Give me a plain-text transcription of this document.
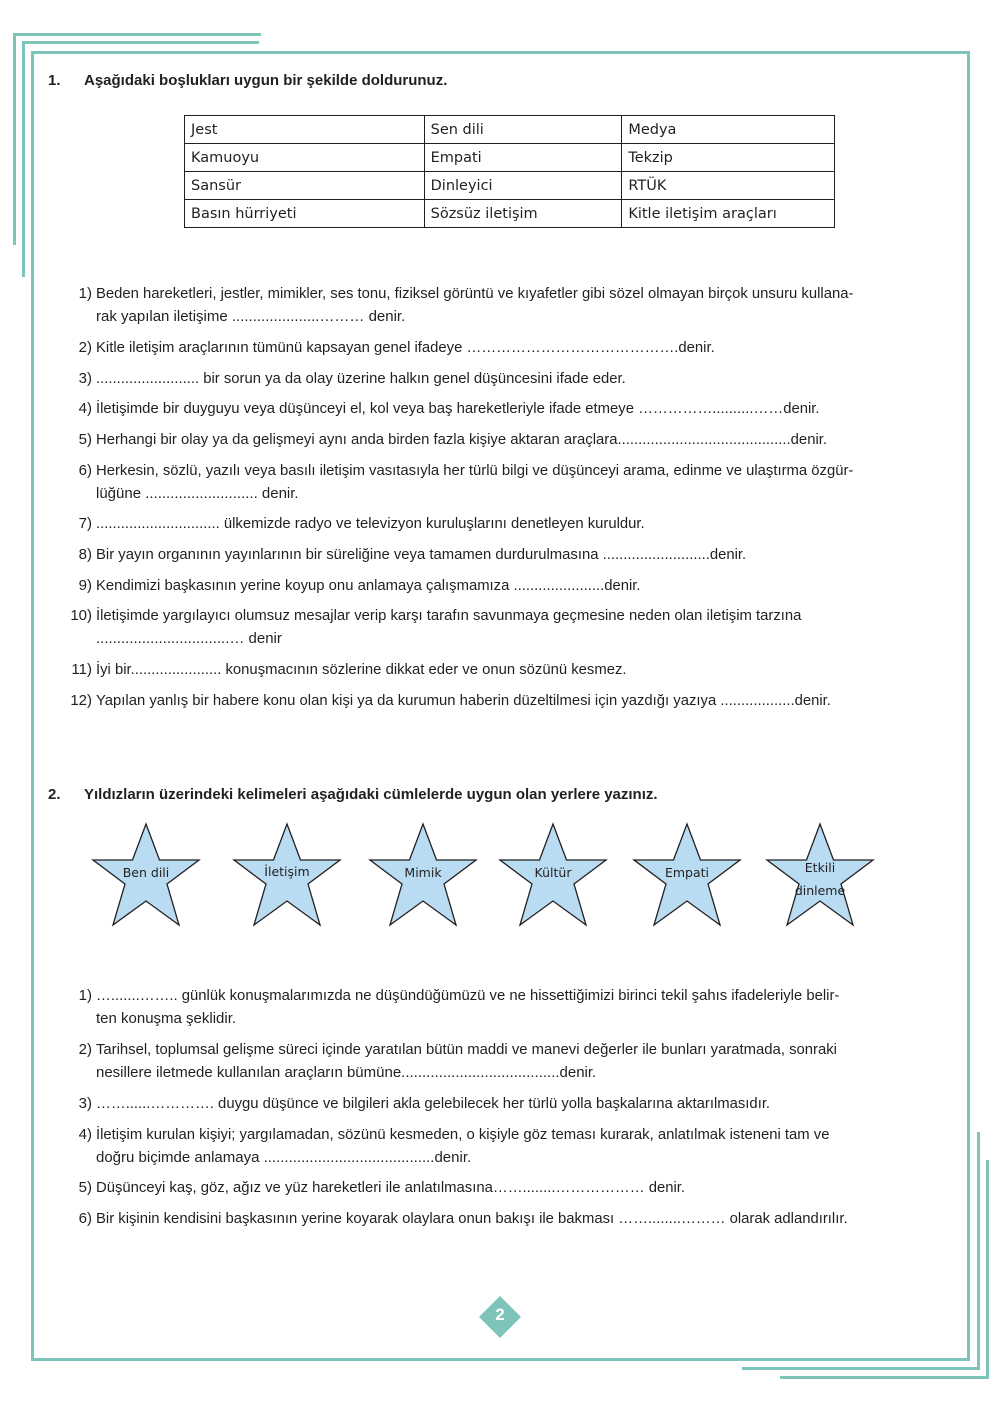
1. Aşağıdaki boşlukları uygun bir şekilde doldurunuz.
Jest	Sen dili	Medya
Kamuoyu	Empati	Tekzip
Sansür	Dinleyici	RTÜK
Basın hürriyeti	Sözsüz iletişim	Kitle iletişim araçları
1) Beden hareketleri, jestler, mimikler, ses tonu, fiziksel görüntü ve kıyafetler gibi sözel olmayan birçok unsuru kullana-
rak yapılan iletişime .....................……… denir.
2) Kitle iletişim araçlarının tümünü kapsayan genel ifadeye …………………………………….denir.
3) ......................... bir sorun ya da olay üzerine halkın genel düşüncesini ifade eder.
4) İletişimde bir duyguyu veya düşünceyi el, kol veya baş hareketleriyle ifade etmeye ……………..........……denir.
5) Herhangi bir olay ya da gelişmeyi aynı anda birden fazla kişiye aktaran araçlara..........................................denir.
6) Herkesin, sözlü, yazılı veya basılı iletişim vasıtasıyla her türlü bilgi ve düşünceyi arama, edinme ve ulaştırma özgür-
lüğüne ........................... denir.
7) .............................. ülkemizde radyo ve televizyon kuruluşlarını denetleyen kuruldur.
8) Bir yayın organının yayınlarının bir süreliğine veya tamamen durdurulmasına ..........................denir.
9) Kendimizi başkasının yerine koyup onu anlamaya çalışmamıza ......................denir.
10) İletişimde yargılayıcı olumsuz mesajlar verip karşı tarafın savunmaya geçmesine neden olan iletişim tarzına
................................… denir
11) İyi bir...................... konuşmacının sözlerine dikkat eder ve onun sözünü kesmez.
12) Yapılan yanlış bir habere konu olan kişi ya da kurumun haberin düzeltilmesi için yazdığı yazıya ..................denir.
2. Yıldızların üzerindeki kelimeleri aşağıdaki cümlelerde uygun olan yerlere yazınız.
Ben dili	İletişim	Mimik	Kültür	Empati	Etkili
dinleme
1) ….......…….. günlük konuşmalarımızda ne düşündüğümüzü ve ne hissettiğimizi birinci tekil şahıs ifadeleriyle belir-
ten konuşma şeklidir.
2) Tarihsel, toplumsal gelişme süreci içinde yaratılan bütün maddi ve manevi değerler ile bunları yaratmada, sonraki
nesillere iletmede kullanılan araçların bümüne......................................denir.
3) ……......…………. duygu düşünce ve bilgileri akla gelebilecek her türlü yolla başkalarına aktarılmasıdır.
4) İletişim kurulan kişiyi; yargılamadan, sözünü kesmeden, o kişiyle göz teması kurarak, anlatılmak isteneni tam ve
doğru biçimde anlamaya .........................................denir.
5) Düşünceyi kaş, göz, ağız ve yüz hareketleri ile anlatılmasına……........……………… denir.
6) Bir kişinin kendisini başkasının yerine koyarak olaylara onun bakışı ile bakması ……........……… olarak adlandırılır.
2
